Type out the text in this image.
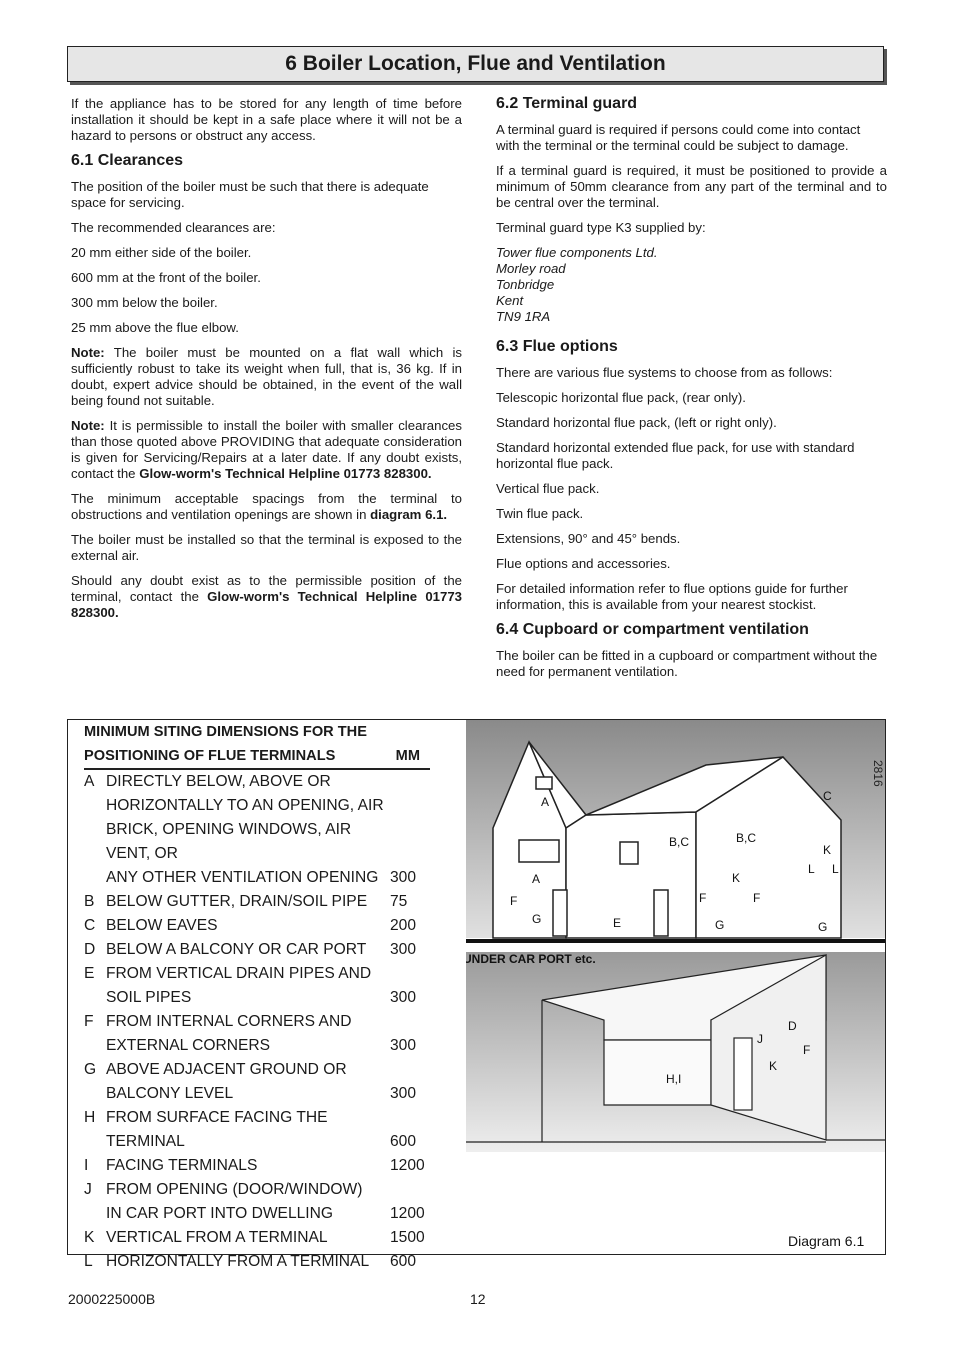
6 Boiler Location, Flue and Ventilation

If the appliance has to be stored for any length of time before installation it should be kept in a safe place where it will not be a hazard to persons or obstruct any access.

6.1 Clearances

The position of the boiler must be such that there is adequate space for servicing.

The recommended clearances are:

20 mm either side of the boiler.

600 mm at the front of the boiler.

300 mm below the boiler.

25 mm above the flue elbow.

Note: The boiler must be mounted on a flat wall which is sufficiently robust to take its weight when full, that is, 36 kg. If in doubt, expert advice should be obtained, in the event of the wall being found not suitable.

Note: It is permissible to install the boiler with smaller clearances than those quoted above PROVIDING that adequate consideration is given for Servicing/Repairs at a later date. If any doubt exists, contact the Glow-worm's Technical Helpline 01773 828300.

The minimum acceptable spacings from the terminal to obstructions and ventilation openings are shown in diagram 6.1.

The boiler must be installed so that the terminal is exposed to the external air.

Should any doubt exist as to the permissible position of the terminal, contact the Glow-worm's Technical Helpline 01773 828300.

6.2 Terminal guard

A terminal guard is required if persons could come into contact with the terminal or the terminal could be subject to damage.

If a terminal guard is required, it must be positioned to provide a minimum of 50mm clearance from any part of the terminal and to be central over the terminal.

Terminal guard type K3 supplied by:

Tower flue components Ltd.
Morley road
Tonbridge
Kent
TN9 1RA
6.3 Flue options

There are various flue systems to choose from as follows:

Telescopic horizontal flue pack, (rear only).

Standard horizontal flue pack, (left or right only).

Standard horizontal extended flue pack, for use with standard horizontal flue pack.

Vertical flue pack.

Twin flue pack.

Extensions, 90° and 45° bends.

Flue options and accessories.

For detailed information refer to flue options guide for further information, this is available from your nearest stockist.

6.4 Cupboard or compartment ventilation

The boiler can be fitted in a cupboard or compartment without the need for permanent ventilation.

MINIMUM SITING DIMENSIONS FOR THE
POSITIONING OF FLUE TERMINALS	MM
A DIRECTLY BELOW, ABOVE OR
HORIZONTALLY TO AN OPENING, AIR
BRICK, OPENING WINDOWS, AIR VENT, OR
ANY OTHER VENTILATION OPENING 300
B BELOW GUTTER, DRAIN/SOIL PIPE	75
C BELOW EAVES	200
D BELOW A BALCONY OR CAR PORT	300
E FROM VERTICAL DRAIN PIPES AND
SOIL PIPES	300
F FROM INTERNAL CORNERS AND
EXTERNAL CORNERS	300
G ABOVE ADJACENT GROUND OR
BALCONY LEVEL	300
H FROM SURFACE FACING THE
TERMINAL	600
I	FACING TERMINALS	1200
J FROM OPENING (DOOR/WINDOW)
IN CAR PORT INTO DWELLING	1200
K VERTICAL FROM A TERMINAL	1500
L HORIZONTALLY FROM A TERMINAL	600
A
B,C	B,C
C
A
F
G	E
F	F
K
K
L L
G	G
H,I
J
D
F
K
2816
UNDER CAR PORT etc.
Diagram 6.1
2000225000B	12
